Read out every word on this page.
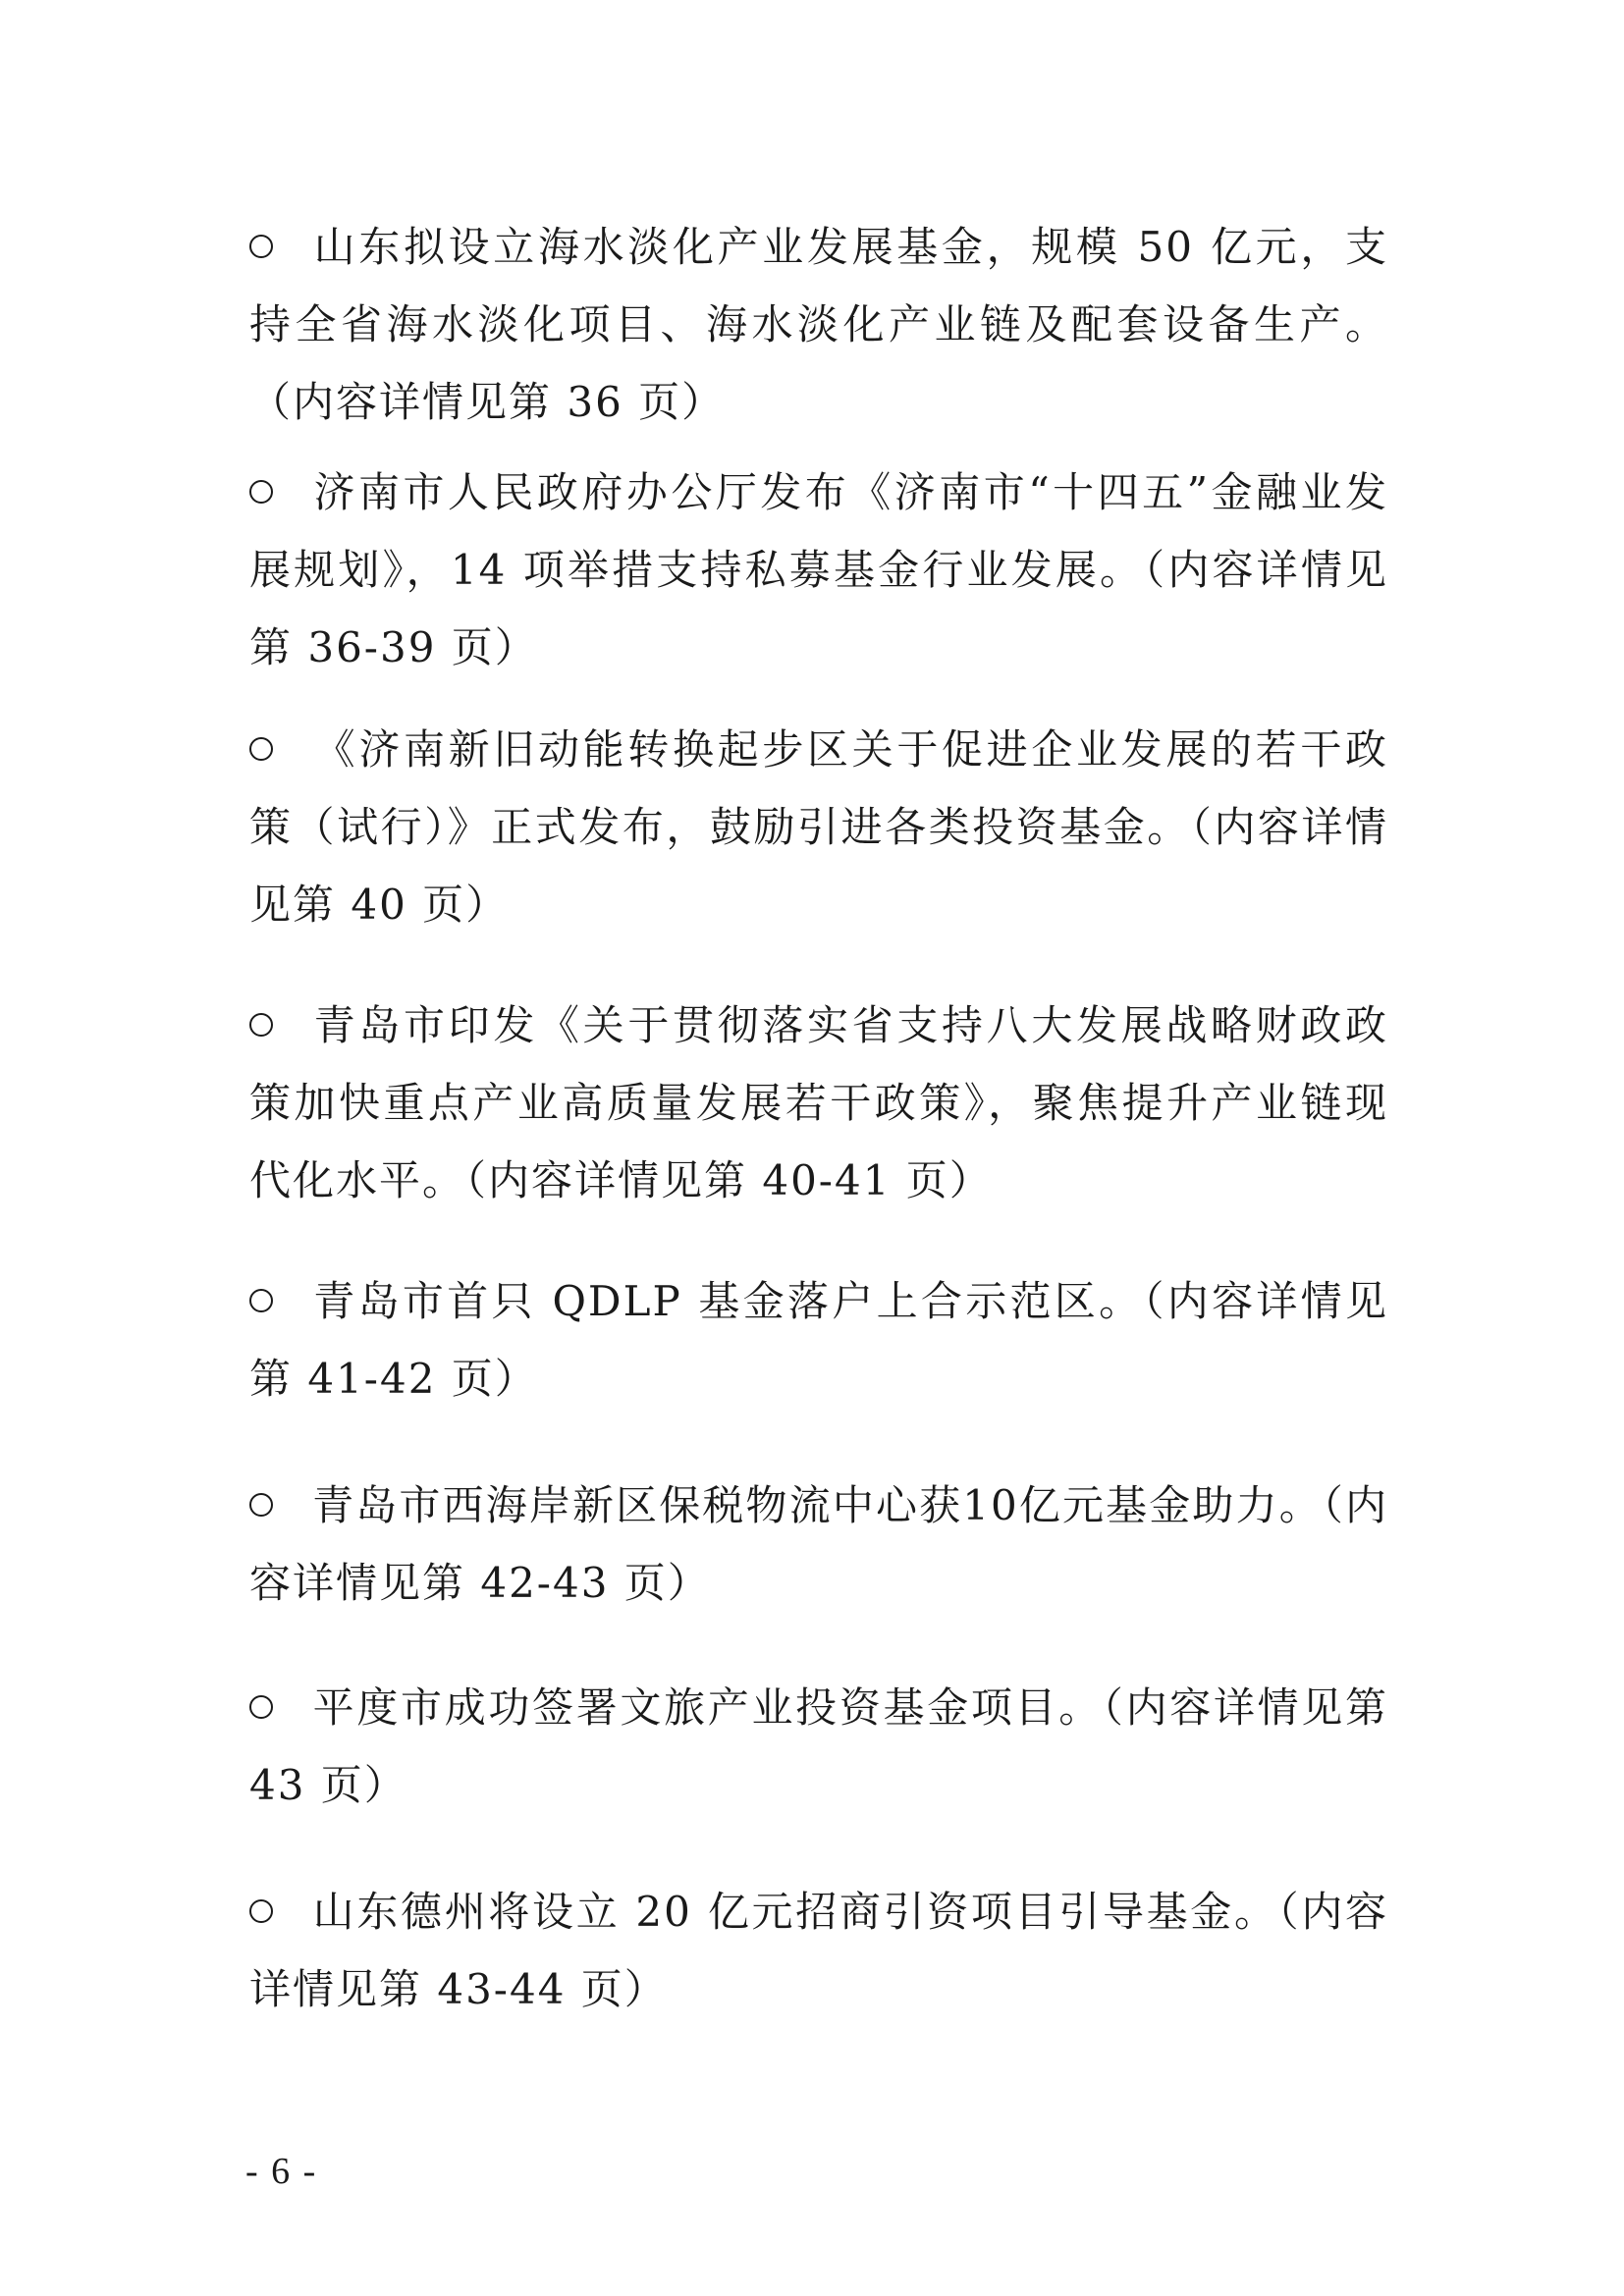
山东拟设立海水淡化产业发展基金，规模 50 亿元，支持全省海水淡化项目、海水淡化产业链及配套设备生产。（内容详情见第 36 页）

济南市人民政府办公厅发布《济南市“十四五”金融业发展规划》，14 项举措支持私募基金行业发展。（内容详情见第 36-39 页）

《济南新旧动能转换起步区关于促进企业发展的若干政策（试行）》正式发布，鼓励引进各类投资基金。（内容详情见第 40 页）

青岛市印发《关于贯彻落实省支持八大发展战略财政政策加快重点产业高质量发展若干政策》，聚焦提升产业链现代化水平。（内容详情见第 40-41 页）

青岛市首只 QDLP 基金落户上合示范区。（内容详情见第 41-42 页）

青岛市西海岸新区保税物流中心获10亿元基金助力。（内容详情见第 42-43 页）

平度市成功签署文旅产业投资基金项目。（内容详情见第 43 页）

山东德州将设立 20 亿元招商引资项目引导基金。（内容详情见第 43-44 页）

- 6 -
